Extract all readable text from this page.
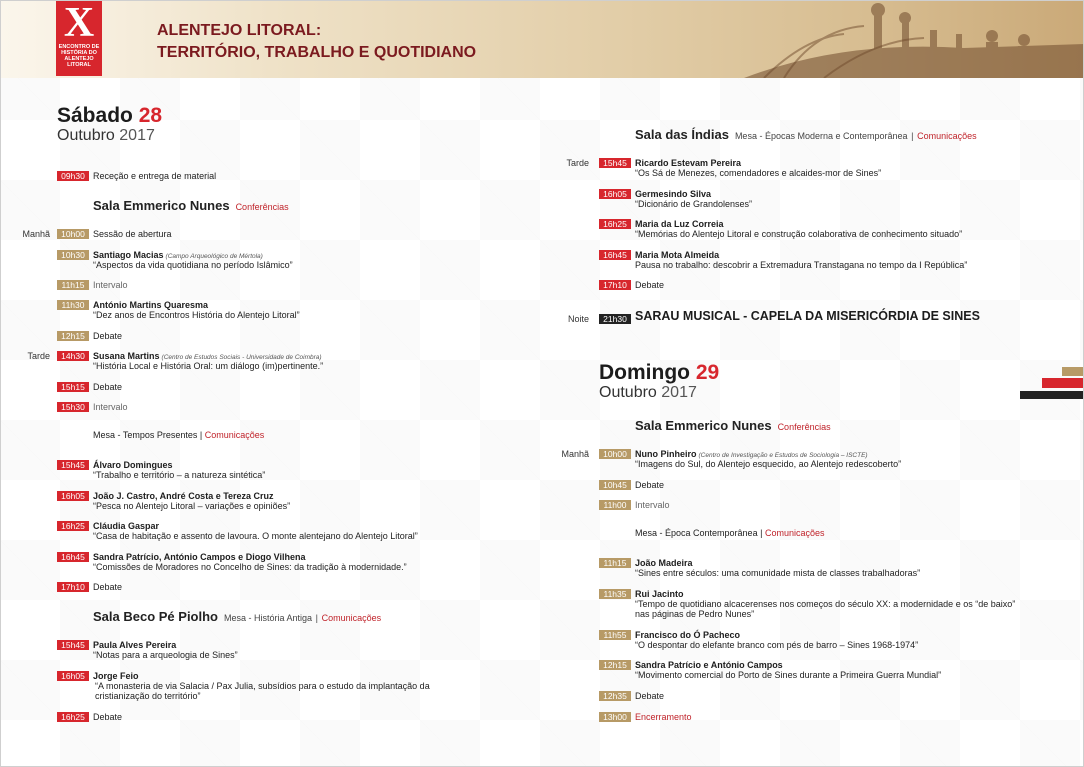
X
ENCONTRO DE HISTÓRIA DO ALENTEJO LITORAL
ALENTEJO LITORAL:
TERRITÓRIO, TRABALHO E QUOTIDIANO
Sábado 28
Outubro 2017
09h30 Receção e entrega de material
Sala Emmerico Nunes Conferências
Manhã	10h00 Sessão de abertura
10h30 Santiago Macias (Campo Arqueológico de Mértola)
“Aspectos da vida quotidiana no período Islâmico”
11h15 Intervalo
11h30 António Martins Quaresma
“Dez anos de Encontros História do Alentejo Litoral”
12h15 Debate
Tarde	14h30 Susana Martins (Centro de Estudos Sociais - Universidade de Coimbra)
“História Local e História Oral: um diálogo (im)pertinente.”
15h15 Debate
15h30 Intervalo
Mesa - Tempos Presentes | Comunicações
15h45 Álvaro Domingues
“Trabalho e território – a natureza sintética”
16h05 João J. Castro, André Costa e Tereza Cruz
“Pesca no Alentejo Litoral – variações e opiniões”
16h25 Cláudia Gaspar
“Casa de habitação e assento de lavoura. O monte alentejano do Alentejo Litoral”
16h45 Sandra Patrício, António Campos e Diogo Vilhena
“Comissões de Moradores no Concelho de Sines: da tradição à modernidade.”
17h10 Debate
Sala Beco Pé Piolho Mesa - História Antiga | Comunicações
15h45 Paula Alves Pereira
“Notas para a arqueologia de Sines”
16h05 Jorge Feio
“A monasteria de via Salacia / Pax Julia, subsídios para o estudo da implantação da
cristianização do território”
16h25 Debate
Sala das Índias Mesa - Épocas Moderna e Contemporânea | Comunicações
Tarde	15h45 Ricardo Estevam Pereira
“Os Sá de Menezes, comendadores e alcaides-mor de Sines”
16h05 Germesindo Silva
“Dicionário de Grandolenses”
16h25 Maria da Luz Correia
“Memórias do Alentejo Litoral e construção colaborativa de conhecimento situado”
16h45 Maria Mota Almeida
Pausa no trabalho: descobrir a Extremadura Transtagana no tempo da I República”
17h10 Debate
Noite	21h30 SARAU MUSICAL - CAPELA DA MISERICÓRDIA DE SINES
Domingo 29
Outubro 2017
Sala Emmerico Nunes Conferências
Manhã	10h00 Nuno Pinheiro (Centro de Investigação e Estudos de Sociologia – ISCTE)
“Imagens do Sul, do Alentejo esquecido, ao Alentejo redescoberto”
10h45 Debate
11h00 Intervalo
Mesa - Época Contemporânea | Comunicações
11h15 João Madeira
“Sines entre séculos: uma comunidade mista de classes trabalhadoras”
11h35 Rui Jacinto
“Tempo de quotidiano alcacerenses nos começos do século XX: a modernidade e os “de baixo”
nas páginas de Pedro Nunes”
11h55 Francisco do Ó Pacheco
“O despontar do elefante branco com pés de barro – Sines 1968-1974”
12h15 Sandra Patrício e António Campos
“Movimento comercial do Porto de Sines durante a Primeira Guerra Mundial”
12h35 Debate
13h00 Encerramento
